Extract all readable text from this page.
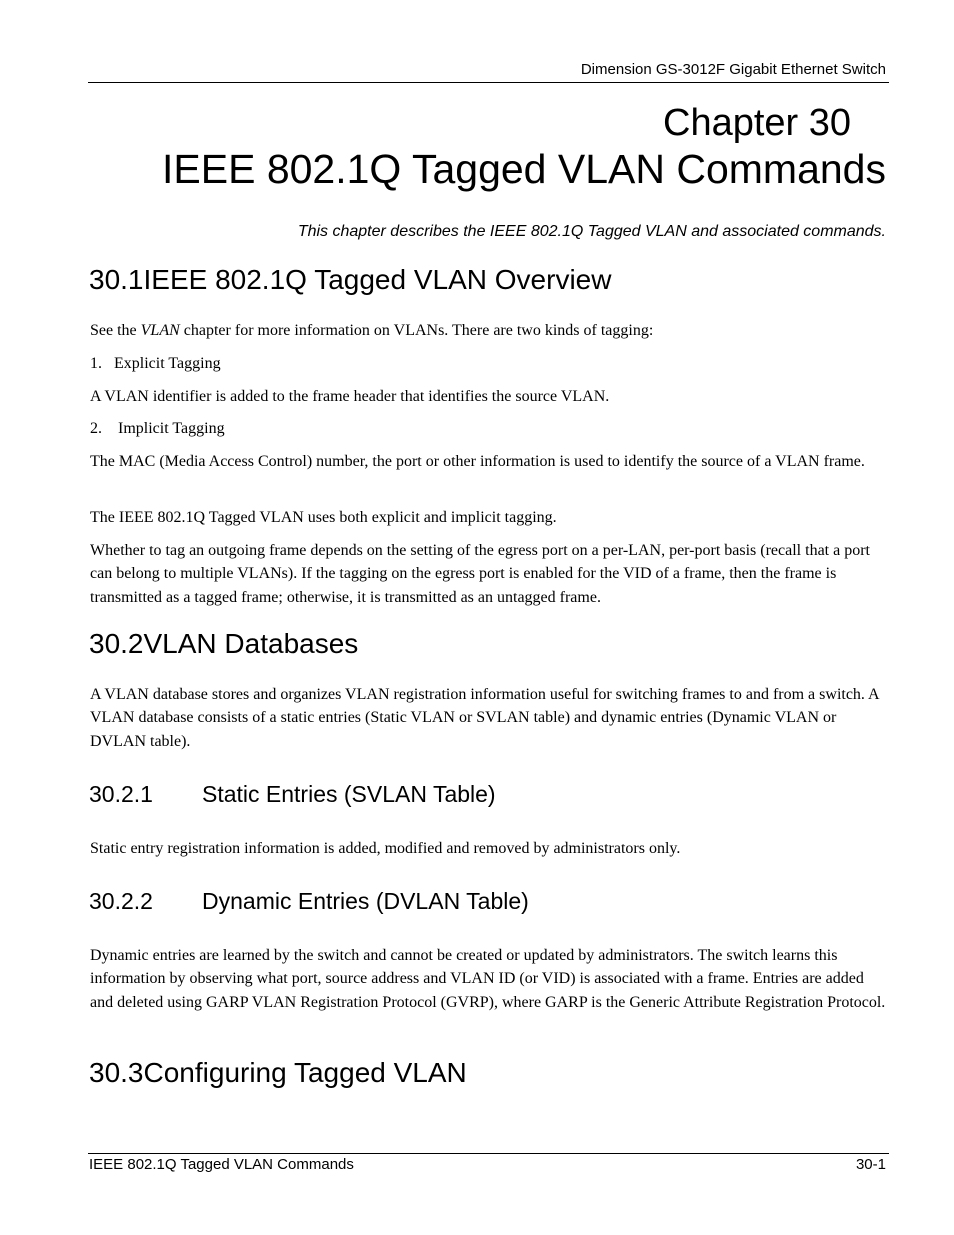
Dimension GS-3012F Gigabit Ethernet Switch
Chapter 30
IEEE 802.1Q Tagged VLAN Commands
This chapter describes the IEEE 802.1Q Tagged VLAN and associated commands.
30.1IEEE 802.1Q Tagged VLAN Overview
See the VLAN chapter for more information on VLANs. There are two kinds of tagging:
1.   Explicit Tagging
A VLAN identifier is added to the frame header that identifies the source VLAN.
2.    Implicit Tagging
The MAC (Media Access Control) number, the port or other information is used to identify the source of a VLAN frame.
The IEEE 802.1Q Tagged VLAN uses both explicit and implicit tagging.
Whether to tag an outgoing frame depends on the setting of the egress port on a per-LAN, per-port basis (recall that a port can belong to multiple VLANs). If the tagging on the egress port is enabled for the VID of a frame, then the frame is transmitted as a tagged frame; otherwise, it is transmitted as an untagged frame.
30.2VLAN Databases
A VLAN database stores and organizes VLAN registration information useful for switching frames to and from a switch. A VLAN database consists of a static entries (Static VLAN or SVLAN table) and dynamic entries (Dynamic VLAN or DVLAN table).
30.2.1 Static Entries (SVLAN Table)
Static entry registration information is added, modified and removed by administrators only.
30.2.2 Dynamic Entries (DVLAN Table)
Dynamic entries are learned by the switch and cannot be created or updated by administrators. The switch learns this information by observing what port, source address and VLAN ID (or VID) is associated with a frame. Entries are added and deleted using GARP VLAN Registration Protocol (GVRP), where GARP is the Generic Attribute Registration Protocol.
30.3Configuring Tagged VLAN
IEEE 802.1Q Tagged VLAN Commands	30-1
